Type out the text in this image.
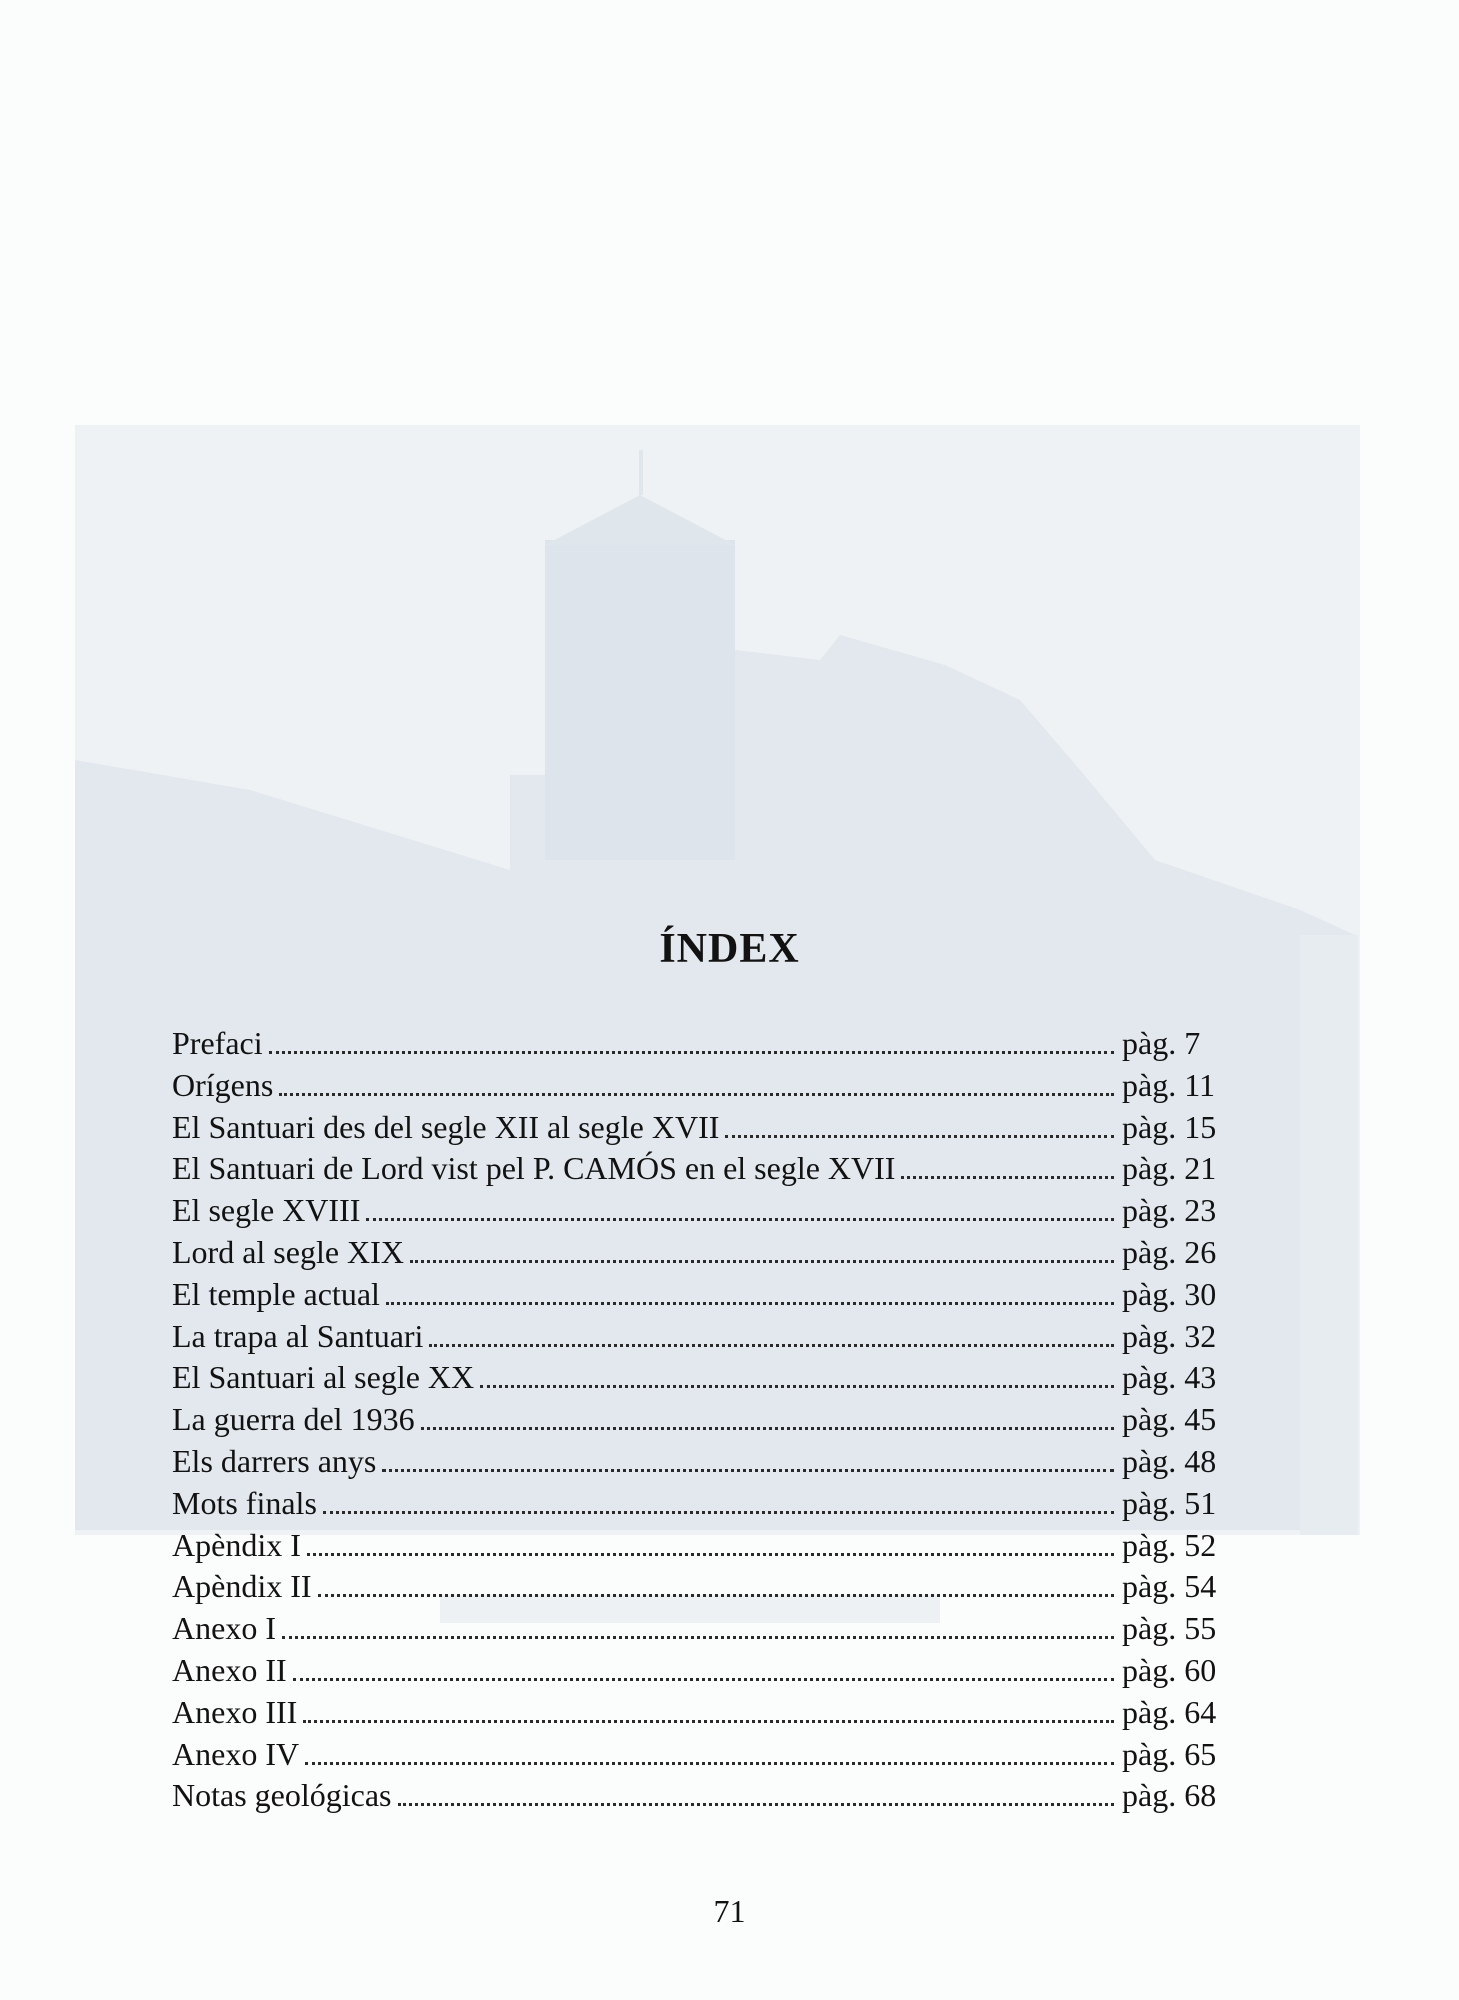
ÍNDEX
Prefaci	pàg. 7
Orígens	pàg. 11
El Santuari des del segle XII al segle XVII	pàg. 15
El Santuari de Lord vist pel P. CAMÓS en el segle XVII	pàg. 21
El segle XVIII	pàg. 23
Lord al segle XIX	pàg. 26
El temple actual	pàg. 30
La trapa al Santuari	pàg. 32
El Santuari al segle XX	pàg. 43
La guerra del 1936	pàg. 45
Els darrers anys	pàg. 48
Mots finals	pàg. 51
Apèndix I	pàg. 52
Apèndix II	pàg. 54
Anexo I	pàg. 55
Anexo II	pàg. 60
Anexo III	pàg. 64
Anexo IV	pàg. 65
Notas geológicas	pàg. 68
71
